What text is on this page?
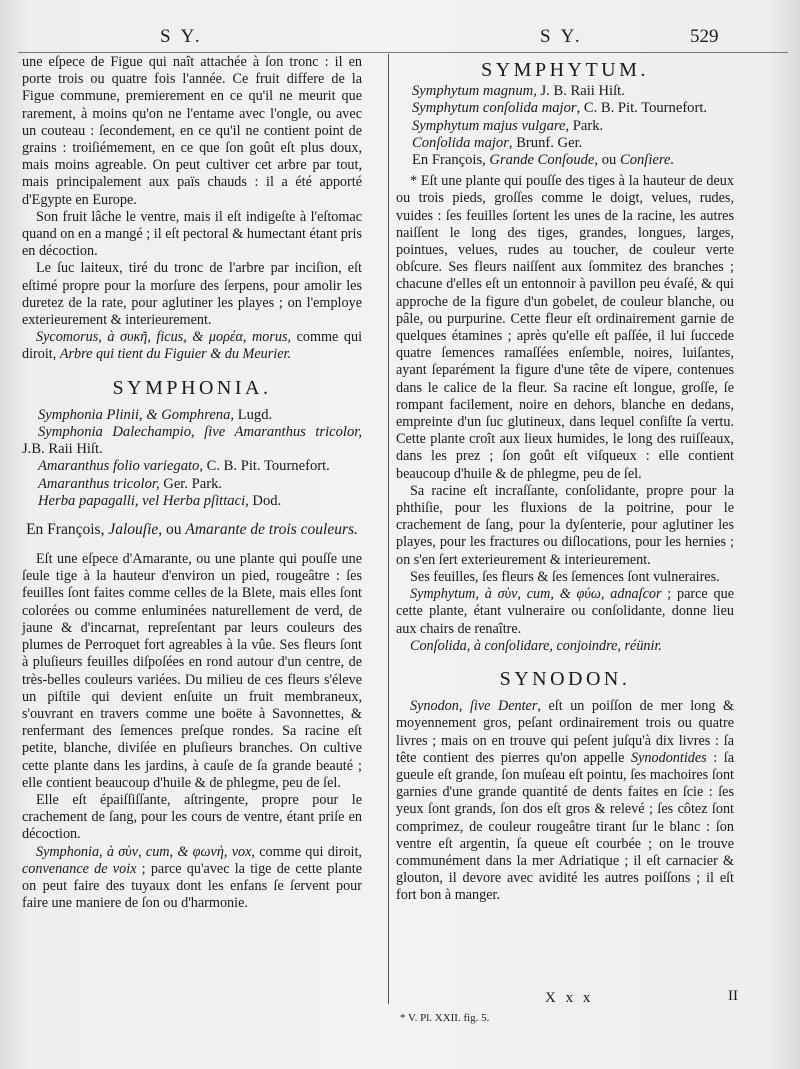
S Y.	S Y.	529

une eſpece de Figue qui naît attachée à ſon tronc : il en porte trois ou quatre fois l'année. Ce fruit differe de la Figue commune, premierement en ce qu'il ne meurit que rarement, à moins qu'on ne l'entame avec l'ongle, ou avec un couteau : ſecondement, en ce qu'il ne contient point de grains : troiſiémement, en ce que ſon goût eſt plus doux, mais moins agreable. On peut cultiver cet arbre par tout, mais principalement aux païs chauds : il a été apporté d'Egypte en Europe.

Son fruit lâche le ventre, mais il eſt indigeſte à l'eſtomac quand on en a mangé ; il eſt pectoral & humectant étant pris en décoction.

Le ſuc laiteux, tiré du tronc de l'arbre par inciſion, eſt eſtimé propre pour la morſure des ſerpens, pour amolir les duretez de la rate, pour aglutiner les playes ; on l'employe exterieurement & interieurement.

Sycomorus, à συκῆ, ficus, & μορέα, morus, comme qui diroit, Arbre qui tient du Figuier & du Meurier.

SYMPHONIA.

Symphonia Plinii, & Gomphrena, Lugd.

Symphonia Dalechampio, ſive Amaranthus tricolor, J.B. Raii Hiſt.

Amaranthus folio variegato, C. B. Pit. Tournefort.

Amaranthus tricolor, Ger. Park.

Herba papagalli, vel Herba pſittaci, Dod.

En François, Jalouſie, ou Amarante de trois couleurs.

Eſt une eſpece d'Amarante, ou une plante qui pouſſe une ſeule tige à la hauteur d'environ un pied, rougeâtre : ſes feuilles ſont faites comme celles de la Blete, mais elles ſont colorées ou comme enluminées naturellement de verd, de jaune & d'incarnat, repreſentant par leurs couleurs des plumes de Perroquet fort agreables à la vûe. Ses fleurs ſont à pluſieurs feuilles diſpoſées en rond autour d'un centre, de très-belles couleurs variées. Du milieu de ces fleurs s'éleve un piſtile qui devient enſuite un fruit membraneux, s'ouvrant en travers comme une boëte à Savonnettes, & renfermant des ſemences preſque rondes. Sa racine eſt petite, blanche, diviſée en pluſieurs branches. On cultive cette plante dans les jardins, à cauſe de ſa grande beauté ; elle contient beaucoup d'huile & de phlegme, peu de ſel.

Elle eſt épaiſſiſſante, aſtringente, propre pour le crachement de ſang, pour les cours de ventre, étant priſe en décoction.

Symphonia, à σὺν, cum, & φωνὴ, vox, comme qui diroit, convenance de voix ; parce qu'avec la tige de cette plante on peut faire des tuyaux dont les enfans ſe ſervent pour faire une maniere de ſon ou d'harmonie.

SYMPHYTUM.

Symphytum magnum, J. B. Raii Hiſt.

Symphytum conſolida major, C. B. Pit. Tournefort.

Symphytum majus vulgare, Park.

Conſolida major, Brunf. Ger.

En François, Grande Conſoude, ou Conſiere.

* Eſt une plante qui pouſſe des tiges à la hauteur de deux ou trois pieds, groſſes comme le doigt, velues, rudes, vuides : ſes feuilles ſortent les unes de la racine, les autres naiſſent le long des tiges, grandes, longues, larges, pointues, velues, rudes au toucher, de couleur verte obſcure. Ses fleurs naiſſent aux ſommitez des branches ; chacune d'elles eſt un entonnoir à pavillon peu évaſé, & qui approche de la figure d'un gobelet, de couleur blanche, ou pâle, ou purpurine. Cette fleur eſt ordinairement garnie de quelques étamines ; après qu'elle eſt paſſée, il lui ſuccede quatre ſemences ramaſſées enſemble, noires, luiſantes, ayant ſeparément la figure d'une tête de vipere, contenues dans le calice de la fleur. Sa racine eſt longue, groſſe, ſe rompant facilement, noire en dehors, blanche en dedans, empreinte d'un ſuc glutineux, dans lequel conſiſte ſa vertu. Cette plante croît aux lieux humides, le long des ruiſſeaux, dans les prez ; ſon goût eſt viſqueux : elle contient beaucoup d'huile & de phlegme, peu de ſel.

Sa racine eſt incraſſante, conſolidante, propre pour la phthiſie, pour les fluxions de la poitrine, pour le crachement de ſang, pour la dyſenterie, pour aglutiner les playes, pour les fractures ou diſlocations, pour les hernies ; on s'en ſert exterieurement & interieurement.

Ses feuilles, ſes fleurs & ſes ſemences ſont vulneraires.

Symphytum, à σὺν, cum, & φύω, adnaſcor ; parce que cette plante, étant vulneraire ou conſolidante, donne lieu aux chairs de renaître.

Conſolida, à conſolidare, conjoindre, réünir.

SYNODON.

Synodon, ſive Denter, eſt un poiſſon de mer long & moyennement gros, peſant ordinairement trois ou quatre livres ; mais on en trouve qui peſent juſqu'à dix livres : ſa tête contient des pierres qu'on appelle Synodontides : ſa gueule eſt grande, ſon muſeau eſt pointu, ſes machoires ſont garnies d'une grande quantité de dents faites en ſcie : ſes yeux ſont grands, ſon dos eſt gros & relevé ; ſes côtez ſont comprimez, de couleur rougeâtre tirant ſur le blanc : ſon ventre eſt argentin, ſa queue eſt courbée ; on le trouve communément dans la mer Adriatique ; il eſt carnacier & glouton, il devore avec avidité les autres poiſſons ; il eſt fort bon à manger.

X x x	II
* V. Pl. XXII. fig. 5.
